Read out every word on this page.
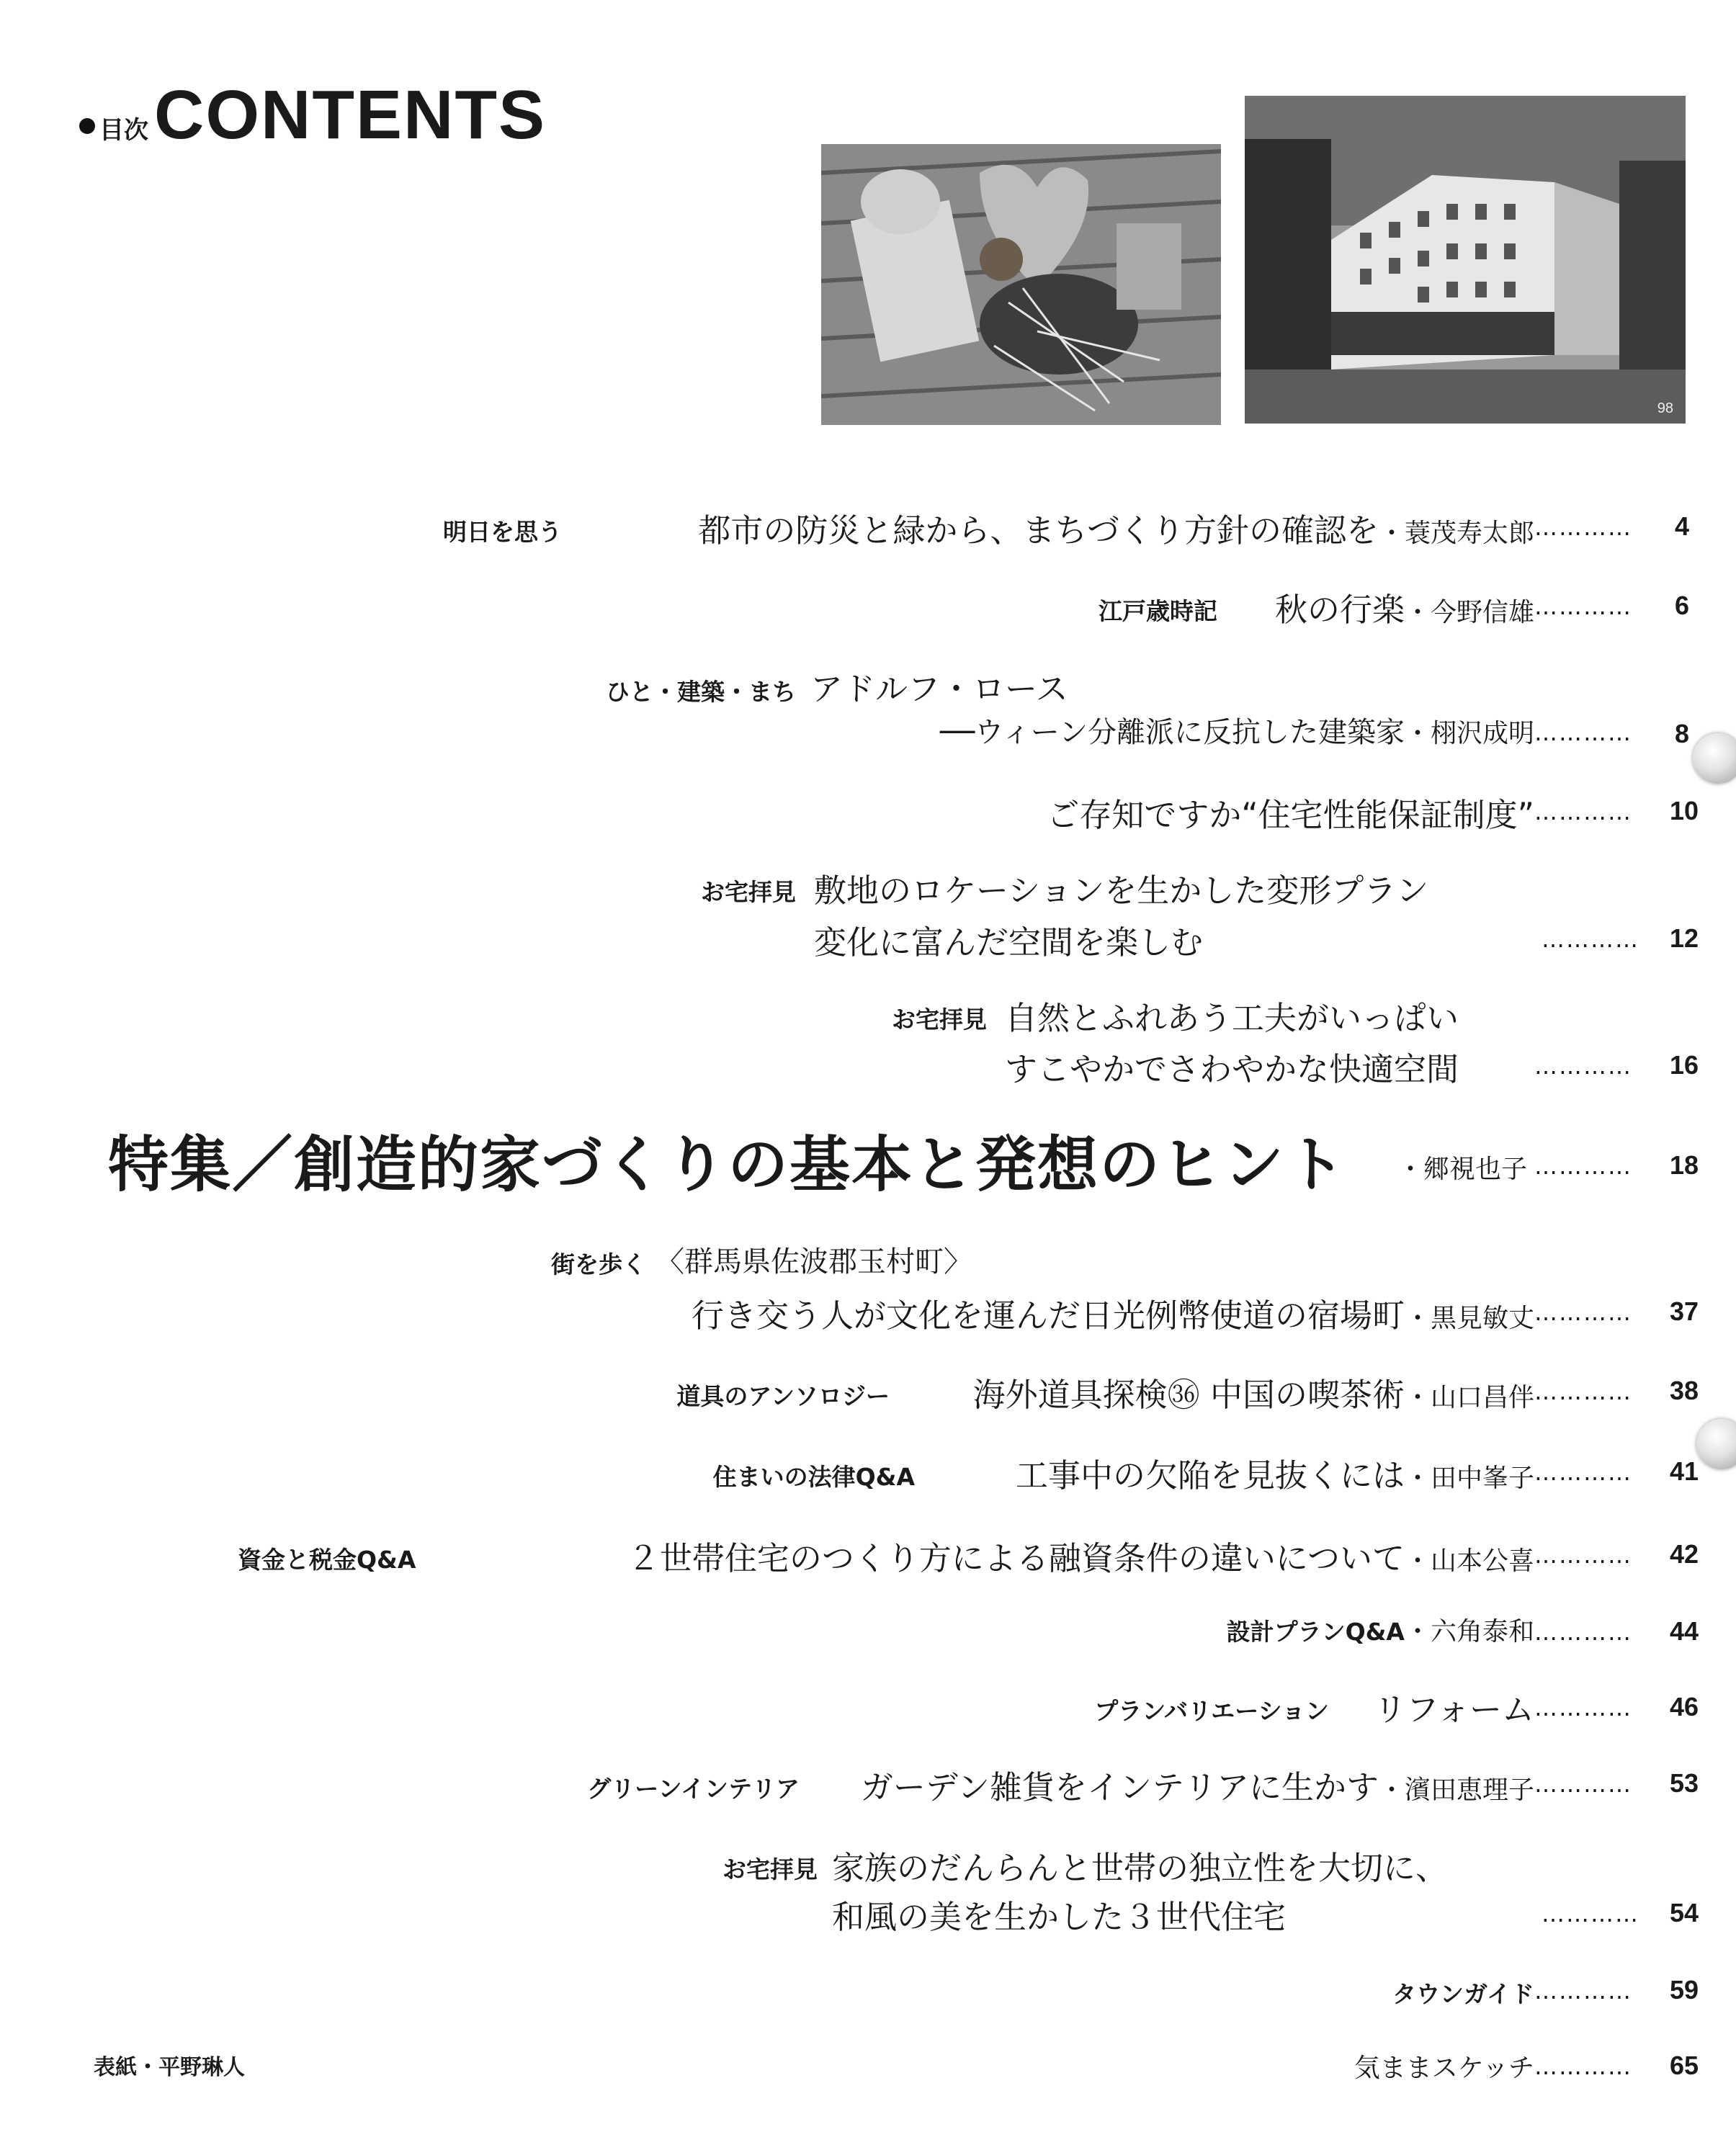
目次 CONTENTS
98
明日を思う	都市の防災と緑から、まちづくり方針の確認を・蓑茂寿太郎 ………… 4
江戸歳時記 秋の行楽・今野信雄 ………… 6
ひと・建築・まち アドルフ・ロース
──ウィーン分離派に反抗した建築家・栩沢成明 ………… 8
ご存知ですか“住宅性能保証制度” ………… 10
お宅拝見 敷地のロケーションを生かした変形プラン
変化に富んだ空間を楽しむ	………… 12
お宅拝見 自然とふれあう工夫がいっぱい
すこやかでさわやかな快適空間	………… 16
特集／創造的家づくりの基本と発想のヒント ・郷視也子 ………… 18
街を歩く 〈群馬県佐波郡玉村町〉
行き交う人が文化を運んだ日光例幣使道の宿場町・黒見敏丈 ………… 37
道具のアンソロジー	海外道具探検㊱ 中国の喫茶術・山口昌伴 ………… 38
住まいの法律Q&A	工事中の欠陥を見抜くには・田中峯子 ………… 41
資金と税金Q&A	２世帯住宅のつくり方による融資条件の違いについて・山本公喜 ………… 42
設計プランQ&A・六角泰和 ………… 44
プランバリエーション リフォーム ………… 46
グリーンインテリア ガーデン雑貨をインテリアに生かす・濱田恵理子 ………… 53
お宅拝見 家族のだんらんと世帯の独立性を大切に、
和風の美を生かした３世代住宅	………… 54
タウンガイド ………… 59
気ままスケッチ ………… 65
表紙・平野琳人
